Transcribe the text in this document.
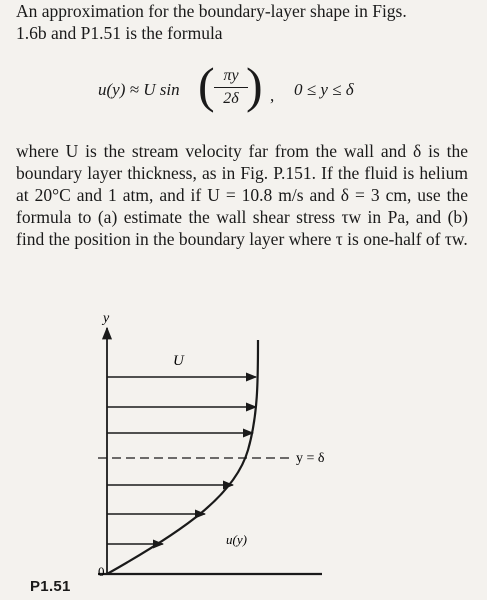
An approximation for the boundary-layer shape in Figs.
1.6b and P1.51 is the formula

u(y) ≈ U sin ( πy
2δ ) , 0 ≤ y ≤ δ

where U is the stream velocity far from the wall and δ is the boundary layer thickness, as in Fig. P.151. If the fluid is helium at 20°C and 1 atm, and if U = 10.8 m/s and δ = 3 cm, use the formula to (a) estimate the wall shear stress τw in Pa, and (b) find the position in the boundary layer where τ is one-half of τw.

y
0
U
y = δ
u(y)
P1.51
